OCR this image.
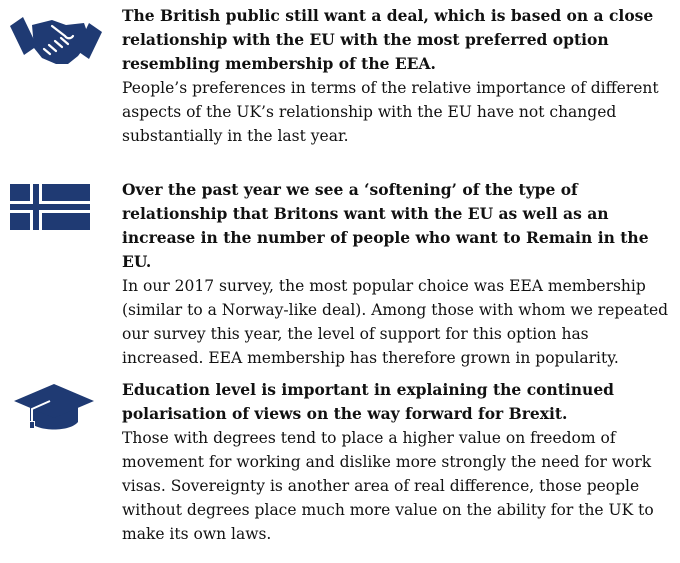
The British public still want a deal, which is based on a close relationship with the EU with the most preferred option resembling membership of the EEA.
People’s preferences in terms of the relative importance of different aspects of the UK’s relationship with the EU have not changed substantially in the last year.
Over the past year we see a ‘softening’ of the type of relationship that Britons want with the EU as well as an increase in the number of people who want to Remain in the EU.
In our 2017 survey, the most popular choice was EEA membership (similar to a Norway-like deal). Among those with whom we repeated our survey this year, the level of support for this option has increased. EEA membership has therefore grown in popularity.
Education level is important in explaining the continued polarisation of views on the way forward for Brexit.
Those with degrees tend to place a higher value on freedom of movement for working and dislike more strongly the need for work visas. Sovereignty is another area of real difference, those people without degrees place much more value on the ability for the UK to make its own laws.
